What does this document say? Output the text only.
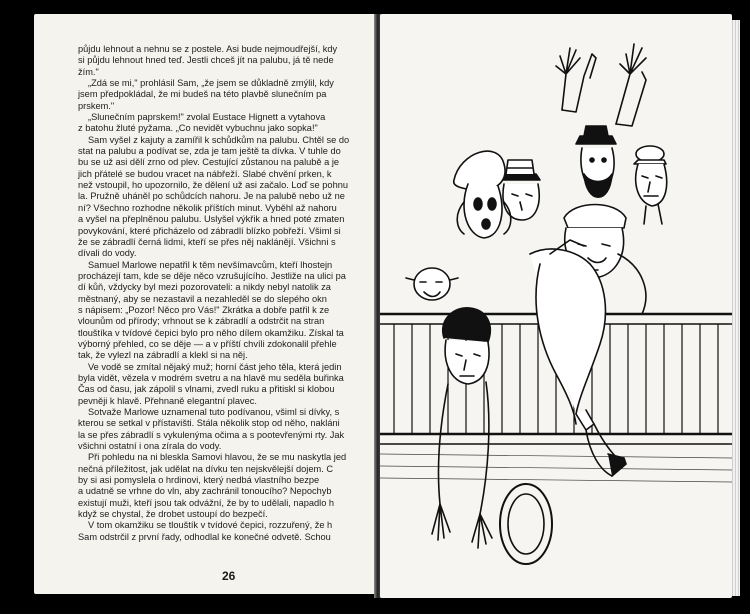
půjdu lehnout a nehnu se z postele. Asi bude nejmoudřejší, kdy
si půjdu lehnout hned teď. Jestli chceš jít na palubu, já tě nede
žím."
„Zdá se mi," prohlásil Sam, „že jsem se důkladně zmýlil, kdy
jsem předpokládal, že mi budeš na této plavbě slunečním pa
prskem."
„Slunečním paprskem!" zvolal Eustace Hignett a vytahova
z batohu žluté pyžama. „Co nevidět vybuchnu jako sopka!"
Sam vyšel z kajuty a zamířil k schůdkům na palubu. Chtěl se do
stat na palubu a podívat se, zda je tam ještě ta dívka. V tuhle do
bu se už asi dělí zrno od plev. Cestující zůstanou na palubě a je
jich přátelé se budou vracet na nábřeží. Slabé chvění prken, k
než vstoupil, ho upozornilo, že dělení už asi začalo. Loď se pohnu
la. Pružně uháněl po schůdcích nahoru. Je na palubě nebo už ne
ní? Všechno rozhodne několik příštích minut. Vyběhl až nahoru
a vyšel na přeplněnou palubu. Uslyšel výkřik a hned poté zmaten
povykování, které přicházelo od zábradlí blízko pobřeží. Všiml si
že se zábradlí černá lidmi, kteří se přes něj naklánějí. Všichni s
dívali do vody.
Samuel Marlowe nepatřil k těm nevšímavcům, kteří lhostejn
procházejí tam, kde se děje něco vzrušujícího. Jestliže na ulici pa
dí kůň, vždycky byl mezi pozorovateli: a nikdy nebyl natolik za
městnaný, aby se nezastavil a nezahleděl se do slepého okn
s nápisem: „Pozor! Něco pro Vás!" Zkrátka a dobře patřil k ze
vlounům od přírody; vrhnout se k zábradlí a odstrčit na stran
tlouštíka v tvídové čepici bylo pro něho dílem okamžiku. Získal ta
výborný přehled, co se děje — a v příští chvíli zdokonalil přehle
tak, že vylezl na zábradlí a klekl si na něj.
Ve vodě se zmítal nějaký muž; horní část jeho těla, která jedin
byla vidět, vězela v modrém svetru a na hlavě mu seděla buřinka
Čas od času, jak zápolil s vlnami, zvedl ruku a přitiskl si klobou
pevněji k hlavě. Přehnaně elegantní plavec.
Sotvaže Marlowe uznamenal tuto podívanou, všiml si dívky, s
kterou se setkal v přístavišti. Stála několik stop od něho, nakláni
la se přes zábradlí s vykulenýma očima a s pootevřenými rty. Jak
všichni ostatní i ona zírala do vody.
Při pohledu na ni bleskla Samovi hlavou, že se mu naskytla jed
nečná příležitost, jak udělat na dívku ten nejskvělejší dojem. C
by si asi pomyslela o hrdinovi, který nedbá vlastního bezpe
a udatně se vrhne do vln, aby zachránil tonoucího? Nepochyb
existují muži, kteří jsou tak odvážní, že by to udělali, napadlo h
když se chystal, že drobet ustoupí do bezpečí.
V tom okamžiku se tlouštík v tvídové čepici, rozzuřený, že h
Sam odstrčil z první řady, odhodlal ke konečné odvetě. Schou
26
